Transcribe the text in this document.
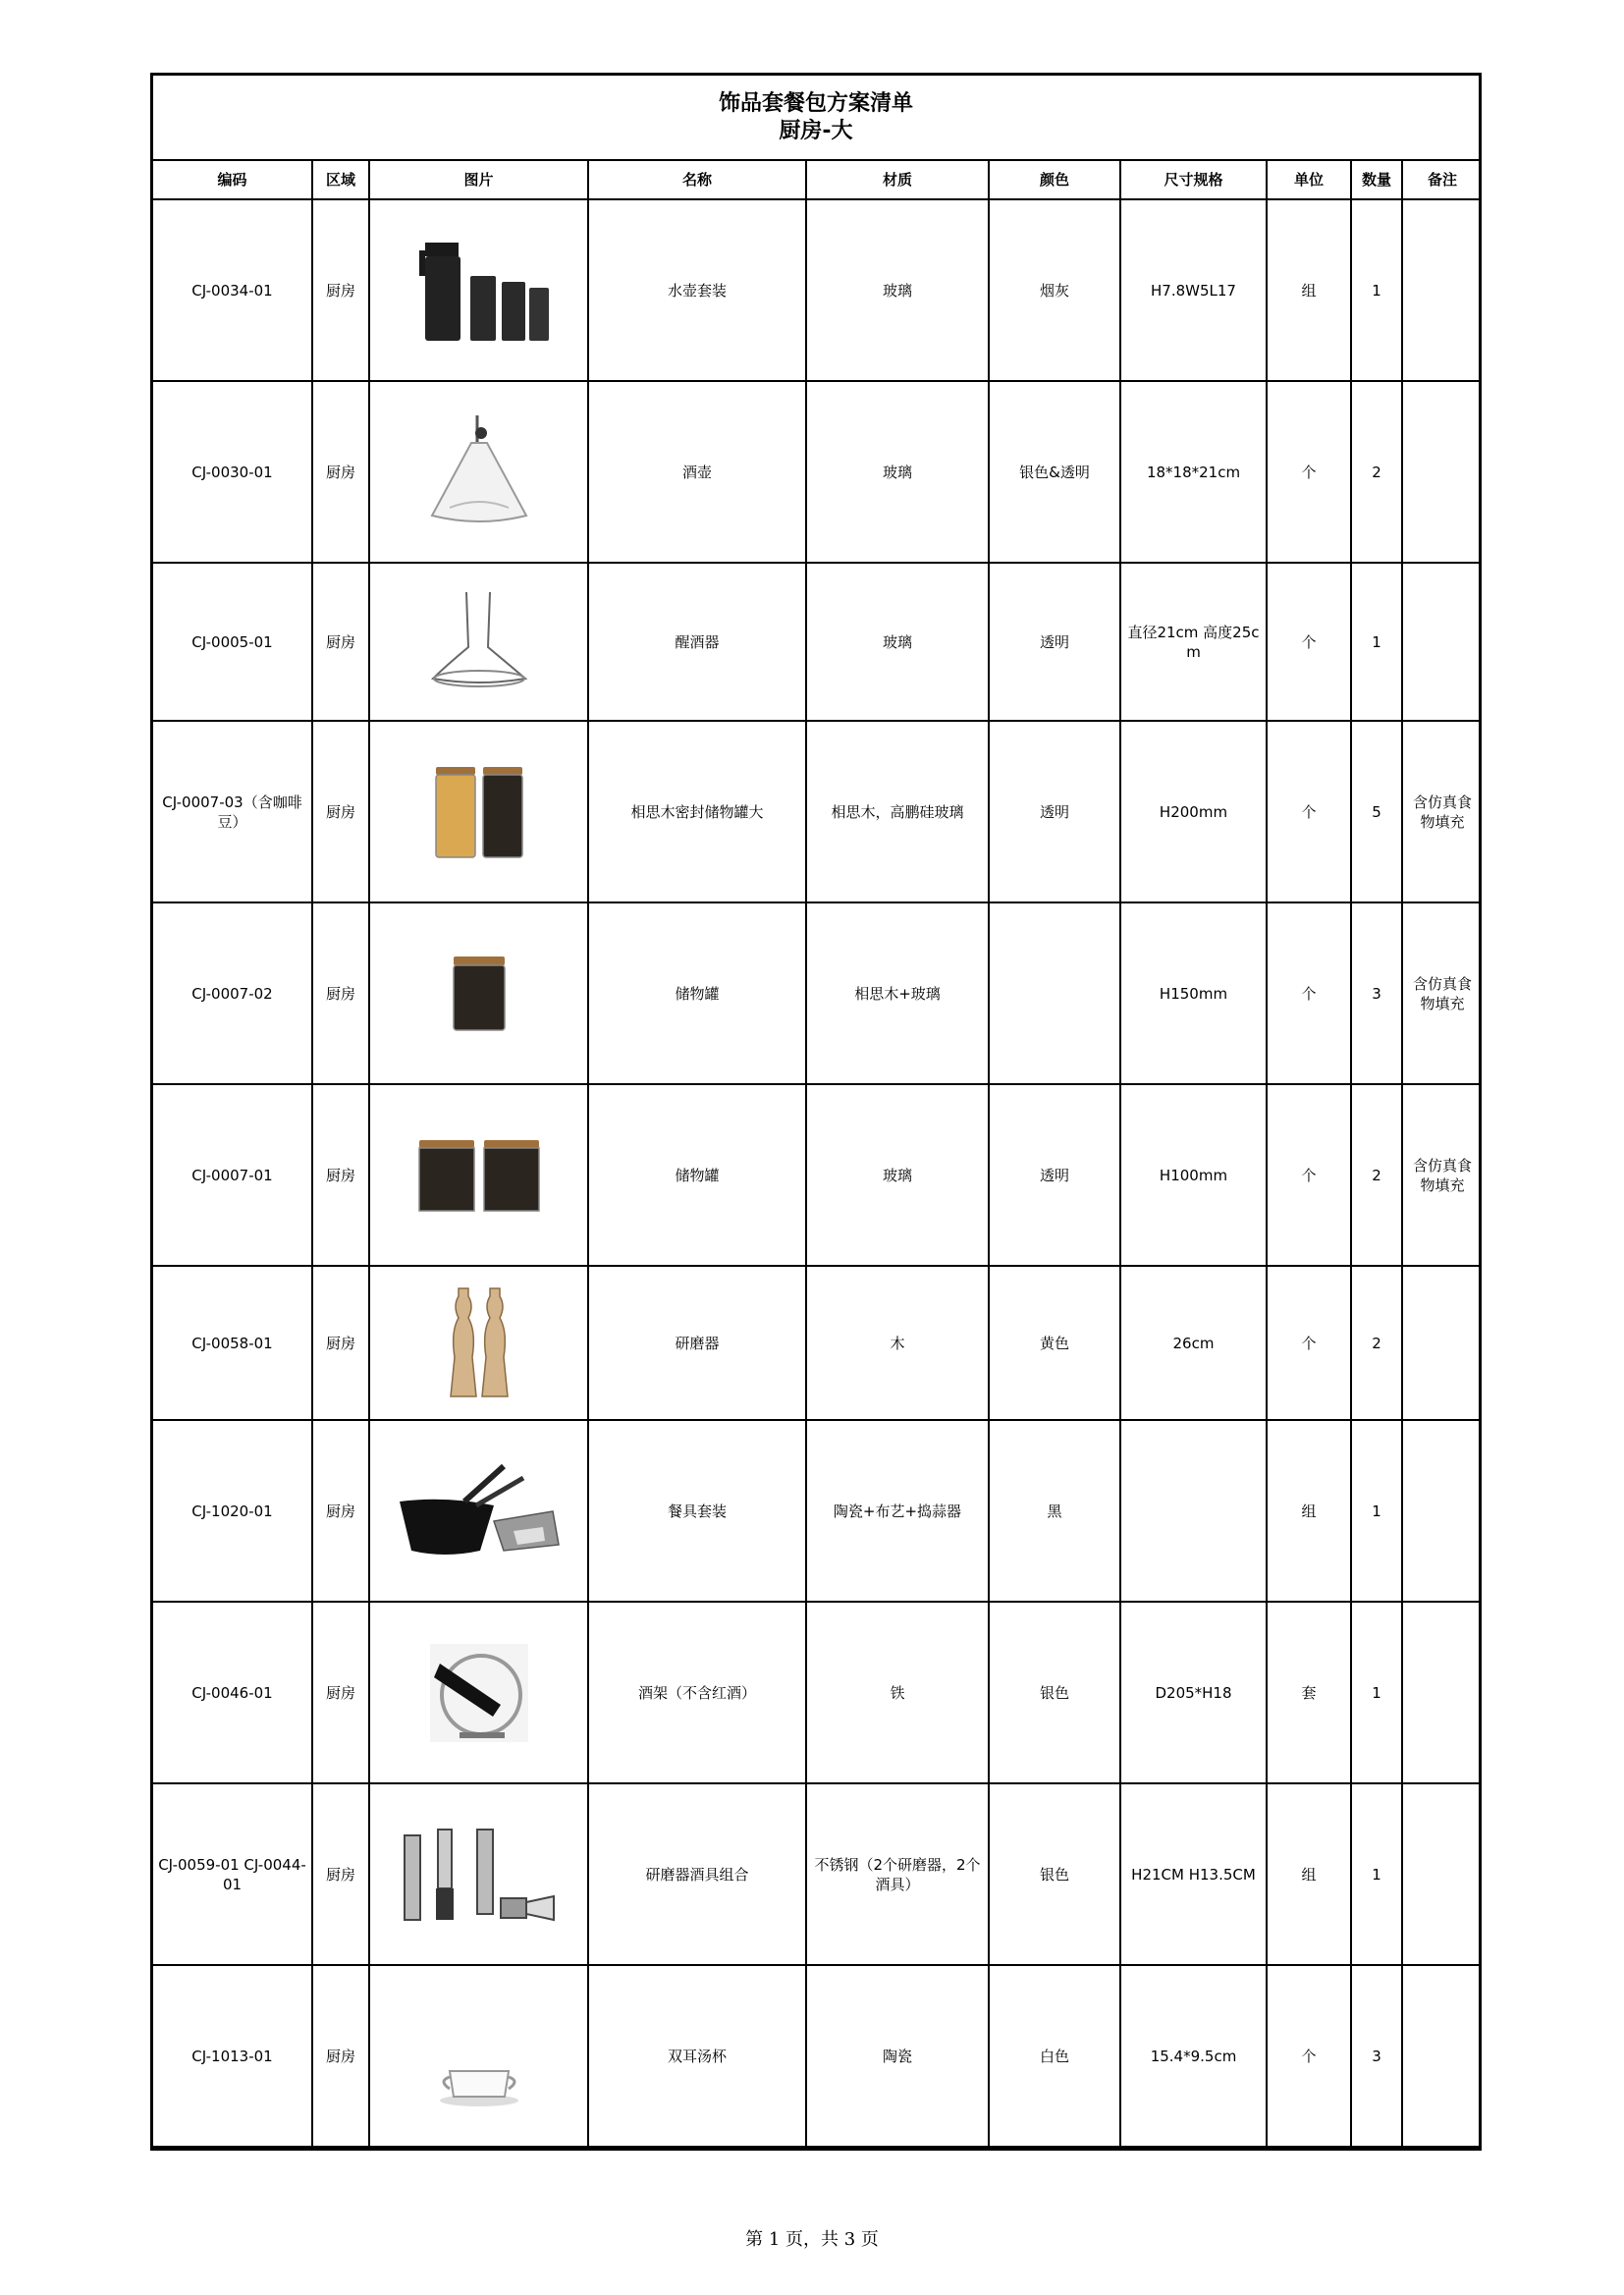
饰品套餐包方案清单
厨房-大
编码	区域	图片	名称	材质	颜色	尺寸规格	单位	数量	备注
CJ-0034-01	厨房		水壶套装	玻璃	烟灰	H7.8W5L17	组	1	
CJ-0030-01	厨房		酒壶	玻璃	银色&透明	18*18*21cm	个	2	
CJ-0005-01	厨房		醒酒器	玻璃	透明	直径21cm 高度25cm	个	1	
CJ-0007-03（含咖啡豆）	厨房		相思木密封储物罐大	相思木，高鹏硅玻璃	透明	H200mm	个	5	含仿真食物填充
CJ-0007-02	厨房		储物罐	相思木+玻璃		H150mm	个	3	含仿真食物填充
CJ-0007-01	厨房		储物罐	玻璃	透明	H100mm	个	2	含仿真食物填充
CJ-0058-01	厨房		研磨器	木	黄色	26cm	个	2	
CJ-1020-01	厨房		餐具套装	陶瓷+布艺+捣蒜器	黑		组	1	
CJ-0046-01	厨房		酒架（不含红酒）	铁	银色	D205*H18	套	1	
CJ-0059-01 CJ-0044-01	厨房		研磨器酒具组合	不锈钢（2个研磨器，2个酒具）	银色	H21CM H13.5CM	组	1	
CJ-1013-01	厨房		双耳汤杯	陶瓷	白色	15.4*9.5cm	个	3	
第 1 页，共 3 页
